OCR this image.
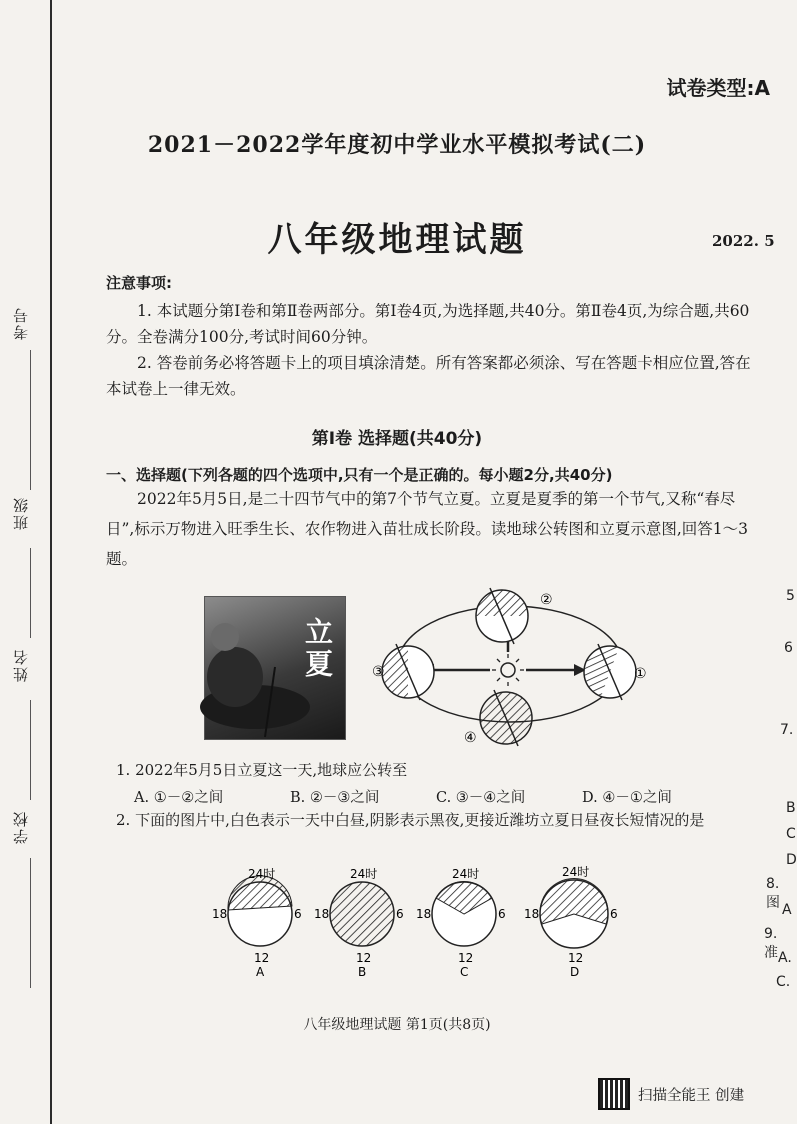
考号
班级
姓名
学校
试卷类型:A
2021－2022学年度初中学业水平模拟考试(二)
八年级地理试题	2022. 5
注意事项:
1. 本试题分第Ⅰ卷和第Ⅱ卷两部分。第Ⅰ卷4页,为选择题,共40分。第Ⅱ卷4页,为综合题,共60分。全卷满分100分,考试时间60分钟。
2. 答卷前务必将答题卡上的项目填涂清楚。所有答案都必须涂、写在答题卡相应位置,答在本试卷上一律无效。
第Ⅰ卷 选择题(共40分)
一、选择题(下列各题的四个选项中,只有一个是正确的。每小题2分,共40分)
2022年5月5日,是二十四节气中的第7个节气立夏。立夏是夏季的第一个节气,又称“春尽日”,标示万物进入旺季生长、农作物进入苗壮成长阶段。读地球公转图和立夏示意图,回答1～3题。
立夏	①
②
③
④
1. 2022年5月5日立夏这一天,地球应公转至
A. ①－②之间	B. ②－③之间	C. ③－④之间	D. ④－①之间
2. 下面的图片中,白色表示一天中白昼,阴影表示黑夜,更接近潍坊立夏日昼夜长短情况的是
24时
18	6
12
A
24时
18	6
12
B
24时
18	6
12
C
24时
18	6
12
D
5
6
7.
B
C
D
8. 图 A
9. 准 A.
C.
八年级地理试题 第1页(共8页)
扫描全能王 创建
